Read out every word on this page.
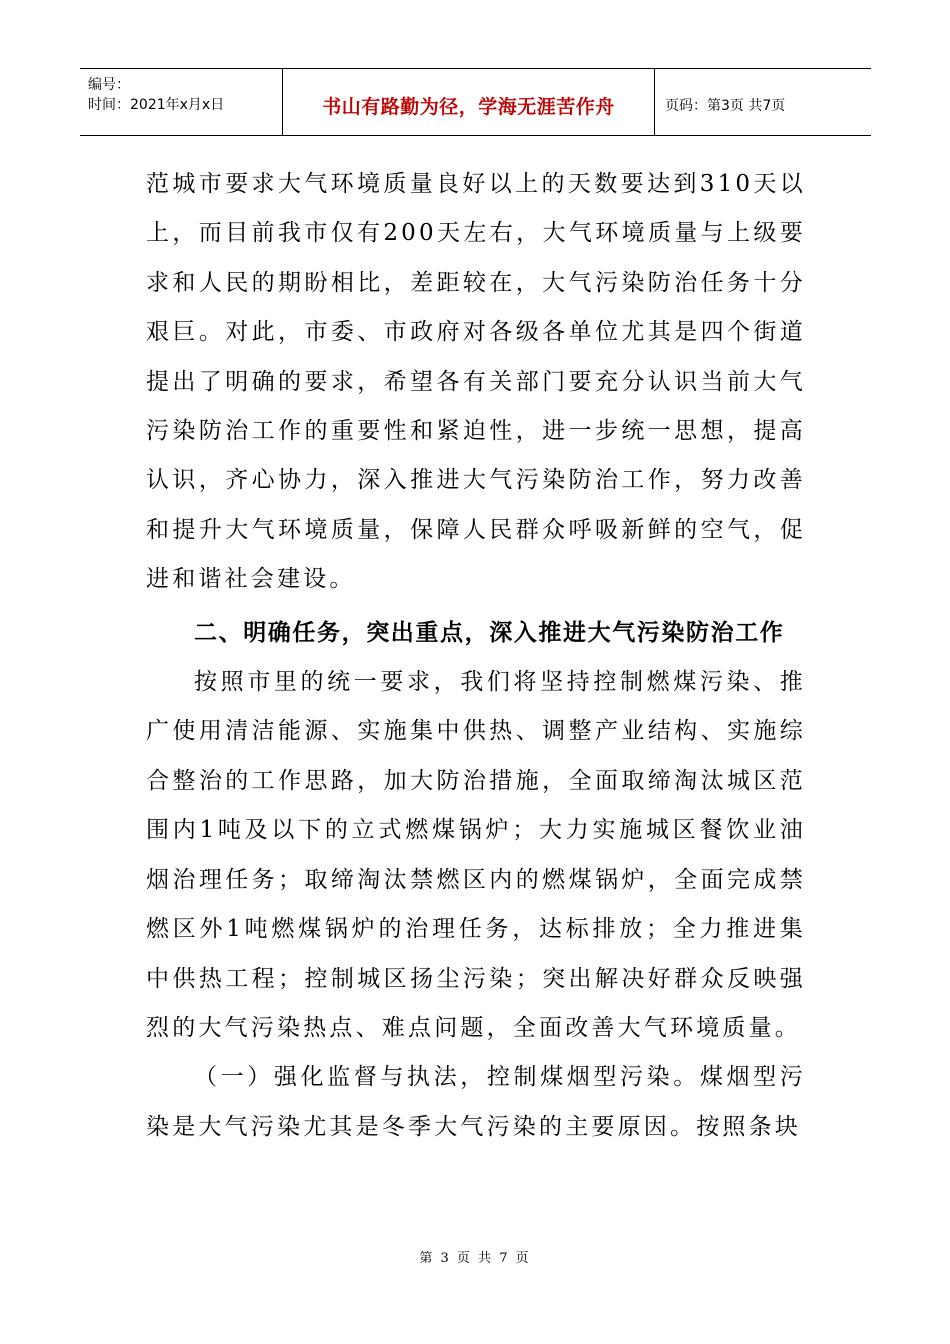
编号：
时间：2021年x月x日	书山有路勤为径，学海无涯苦作舟	页码：第3页 共7页

范城市要求大气环境质量良好以上的天数要达到310天以上，而目前我市仅有200天左右，大气环境质量与上级要求和人民的期盼相比，差距较在，大气污染防治任务十分艰巨。对此，市委、市政府对各级各单位尤其是四个街道提出了明确的要求，希望各有关部门要充分认识当前大气污染防治工作的重要性和紧迫性，进一步统一思想，提高认识，齐心协力，深入推进大气污染防治工作，努力改善和提升大气环境质量，保障人民群众呼吸新鲜的空气，促进和谐社会建设。

二、明确任务，突出重点，深入推进大气污染防治工作

按照市里的统一要求，我们将坚持控制燃煤污染、推广使用清洁能源、实施集中供热、调整产业结构、实施综合整治的工作思路，加大防治措施，全面取缔淘汰城区范围内1吨及以下的立式燃煤锅炉；大力实施城区餐饮业油烟治理任务；取缔淘汰禁燃区内的燃煤锅炉，全面完成禁燃区外1吨燃煤锅炉的治理任务，达标排放；全力推进集中供热工程；控制城区扬尘污染；突出解决好群众反映强烈的大气污染热点、难点问题，全面改善大气环境质量。

（一）强化监督与执法，控制煤烟型污染。煤烟型污染是大气污染尤其是冬季大气污染的主要原因。按照条块

第 3 页 共 7 页
